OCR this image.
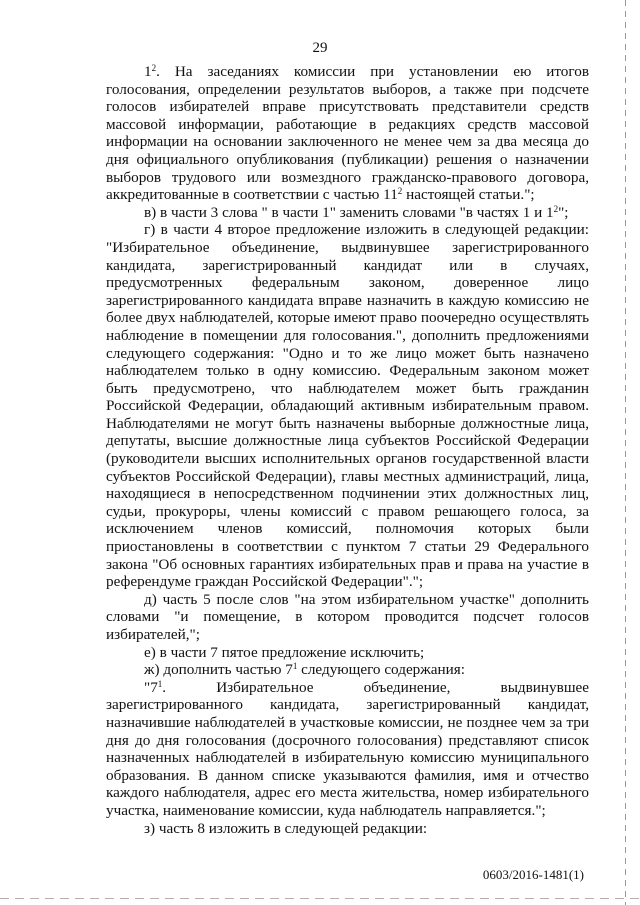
29

$1^2$. На заседаниях комиссии при установлении ею итогов голосования, определении результатов выборов, а также при подсчете голосов избирателей вправе присутствовать представители средств массовой информации, работающие в редакциях средств массовой информации на основании заключенного не менее чем за два месяца до дня официального опубликования (публикации) решения о назначении выборов трудового или возмездного гражданско-правового договора, аккредитованные в соответствии с частью $11^2$ настоящей статьи.";

в) в части 3 слова " в части 1" заменить словами "в частях 1 и $1^2$";

г) в части 4 второе предложение изложить в следующей редакции: "Избирательное объединение, выдвинувшее зарегистрированного кандидата, зарегистрированный кандидат или в случаях, предусмотренных федеральным законом, доверенное лицо зарегистрированного кандидата вправе назначить в каждую комиссию не более двух наблюдателей, которые имеют право поочередно осуществлять наблюдение в помещении для голосования.", дополнить предложениями следующего содержания: "Одно и то же лицо может быть назначено наблюдателем только в одну комиссию. Федеральным законом может быть предусмотрено, что наблюдателем может быть гражданин Российской Федерации, обладающий активным избирательным правом. Наблюдателями не могут быть назначены выборные должностные лица, депутаты, высшие должностные лица субъектов Российской Федерации (руководители высших исполнительных органов государственной власти субъектов Российской Федерации), главы местных администраций, лица, находящиеся в непосредственном подчинении этих должностных лиц, судьи, прокуроры, члены комиссий с правом решающего голоса, за исключением членов комиссий, полномочия которых были приостановлены в соответствии с пунктом 7 статьи 29 Федерального закона "Об основных гарантиях избирательных прав и права на участие в референдуме граждан Российской Федерации".";

д) часть 5 после слов "на этом избирательном участке" дополнить словами "и помещение, в котором проводится подсчет голосов избирателей,";

е) в части 7 пятое предложение исключить;

ж) дополнить частью $7^1$ следующего содержания:

"$7^1$. Избирательное объединение, выдвинувшее зарегистрированного кандидата, зарегистрированный кандидат, назначившие наблюдателей в участковые комиссии, не позднее чем за три дня до дня голосования (досрочного голосования) представляют список назначенных наблюдателей в избирательную комиссию муниципального образования. В данном списке указываются фамилия, имя и отчество каждого наблюдателя, адрес его места жительства, номер избирательного участка, наименование комиссии, куда наблюдатель направляется.";

з) часть 8 изложить в следующей редакции:

0603/2016-1481(1)
